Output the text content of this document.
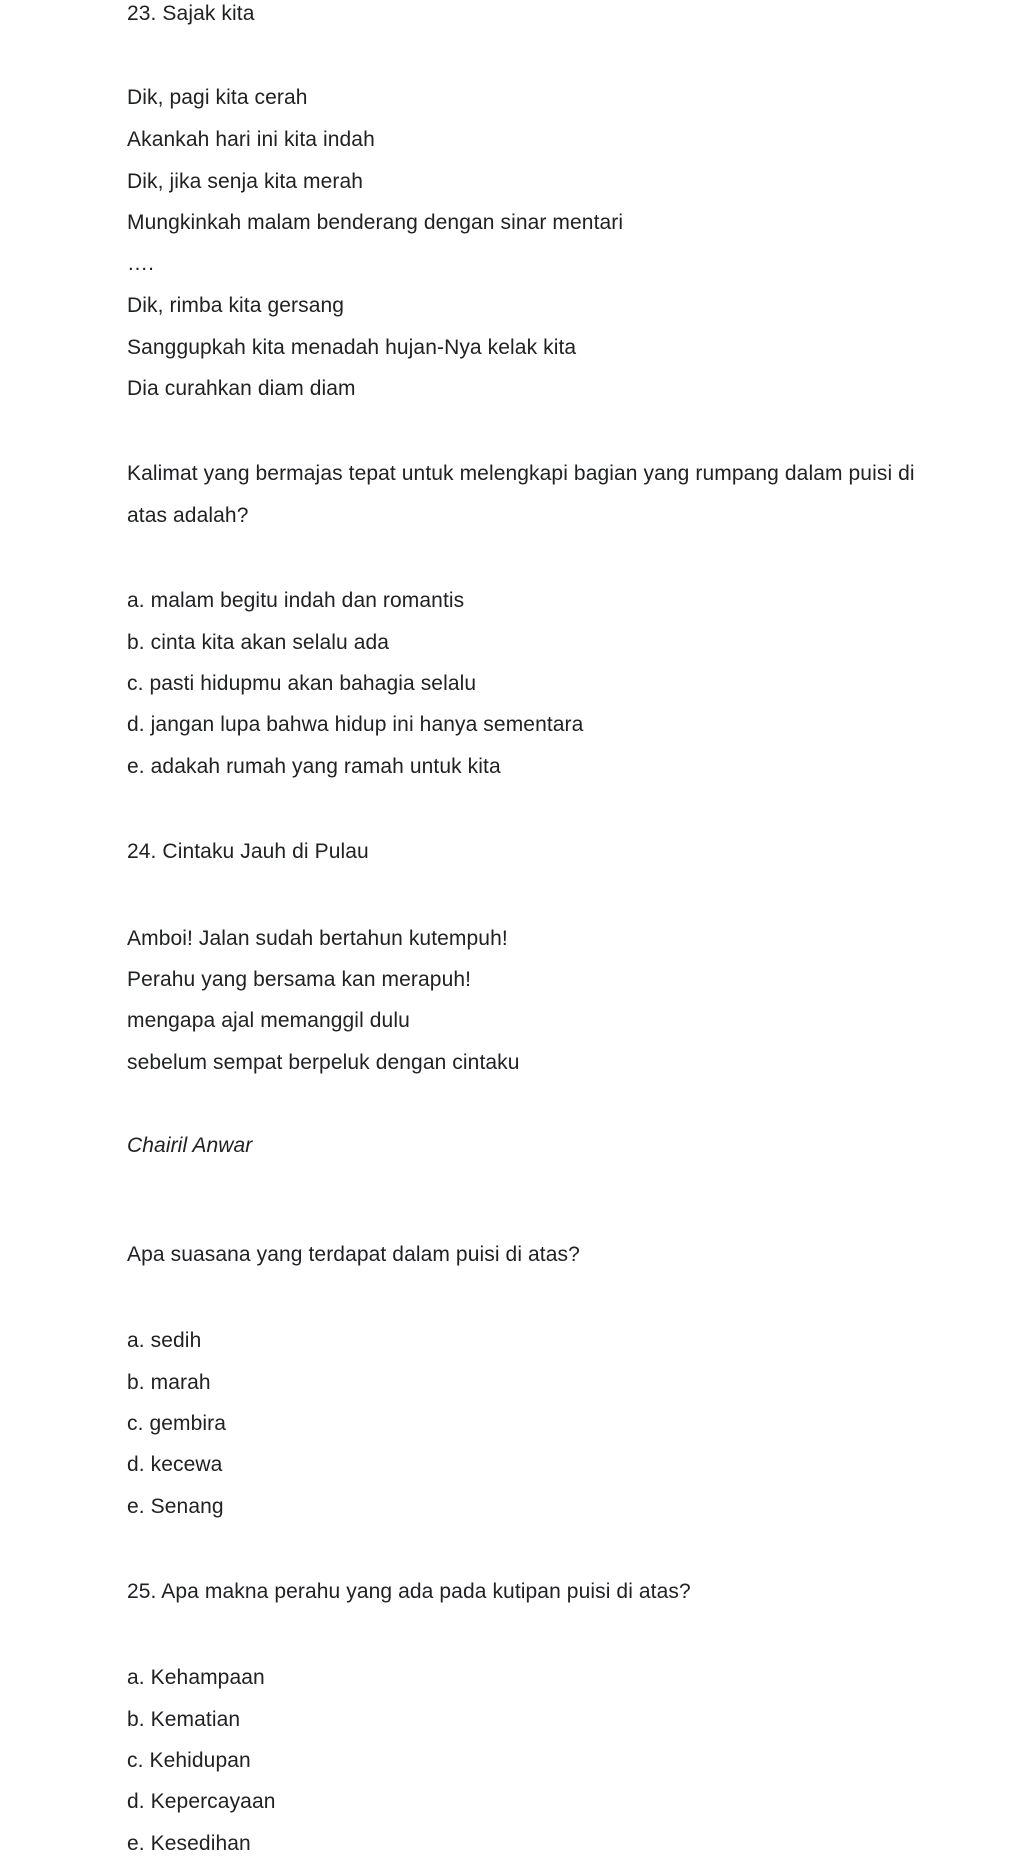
23. Sajak kita
Dik, pagi kita cerah
Akankah hari ini kita indah
Dik, jika senja kita merah
Mungkinkah malam benderang dengan sinar mentari
….
Dik, rimba kita gersang
Sanggupkah kita menadah hujan-Nya kelak kita
Dia curahkan diam diam
Kalimat yang bermajas tepat untuk melengkapi bagian yang rumpang dalam puisi di
atas adalah?
a. malam begitu indah dan romantis
b. cinta kita akan selalu ada
c. pasti hidupmu akan bahagia selalu
d. jangan lupa bahwa hidup ini hanya sementara
e. adakah rumah yang ramah untuk kita
24. Cintaku Jauh di Pulau
Amboi! Jalan sudah bertahun kutempuh!
Perahu yang bersama kan merapuh!
mengapa ajal memanggil dulu
sebelum sempat berpeluk dengan cintaku
Chairil Anwar
Apa suasana yang terdapat dalam puisi di atas?
a. sedih
b. marah
c. gembira
d. kecewa
e. Senang
25. Apa makna perahu yang ada pada kutipan puisi di atas?
a. Kehampaan
b. Kematian
c. Kehidupan
d. Kepercayaan
e. Kesedihan
